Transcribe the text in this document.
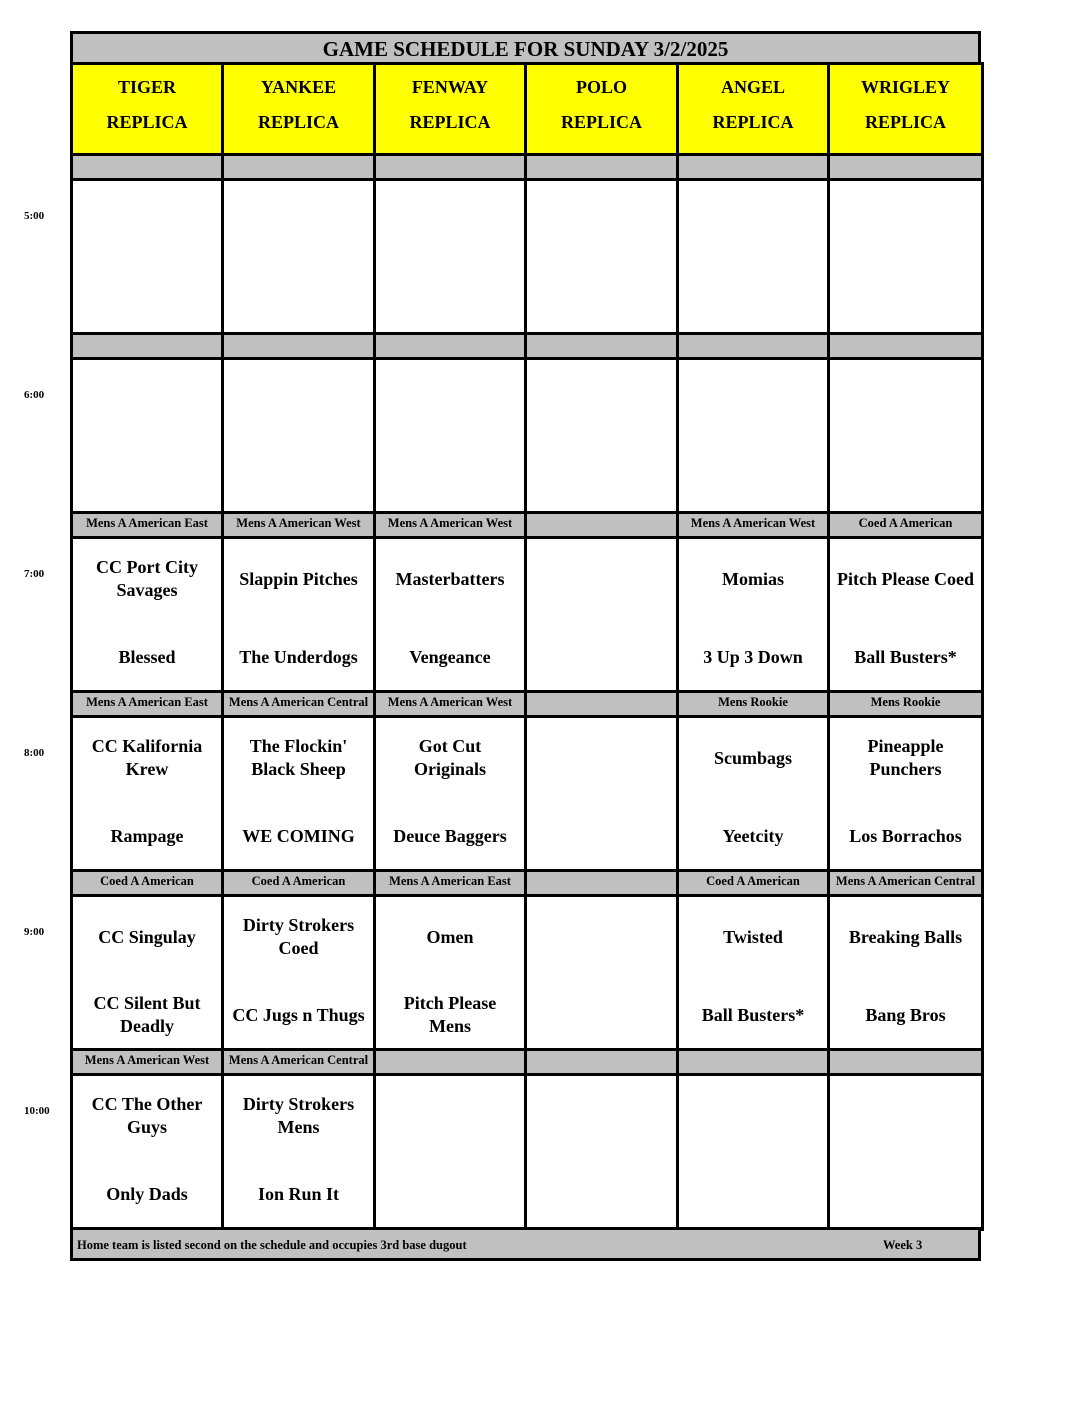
GAME SCHEDULE FOR SUNDAY 3/2/2025
TIGER
REPLICA
YANKEE
REPLICA
FENWAY
REPLICA
POLO
REPLICA
ANGEL
REPLICA
WRIGLEY
REPLICA
5:00
6:00
7:00
Mens A American East
CC Port City Savages
Blessed
Mens A American West
Slappin Pitches
The Underdogs
Mens A American West
Masterbatters
Vengeance
Mens A American West
Momias
3 Up 3 Down
Coed A American
Pitch Please Coed
Ball Busters*
8:00
Mens A American East
CC Kalifornia Krew
Rampage
Mens A American Central
The Flockin' Black Sheep
WE COMING
Mens A American West
Got Cut Originals
Deuce Baggers
Mens Rookie
Scumbags
Yeetcity
Mens Rookie
Pineapple Punchers
Los Borrachos
9:00
Coed A American
CC Singulay
CC Silent But Deadly
Coed A American
Dirty Strokers Coed
CC Jugs n Thugs
Mens A American East
Omen
Pitch Please Mens
Coed A American
Twisted
Ball Busters*
Mens A American Central
Breaking Balls
Bang Bros
10:00
Mens A American West
CC The Other Guys
Only Dads
Mens A American Central
Dirty Strokers Mens
Ion Run It
Home team is listed second on the schedule and occupies 3rd base dugout	Week 3
